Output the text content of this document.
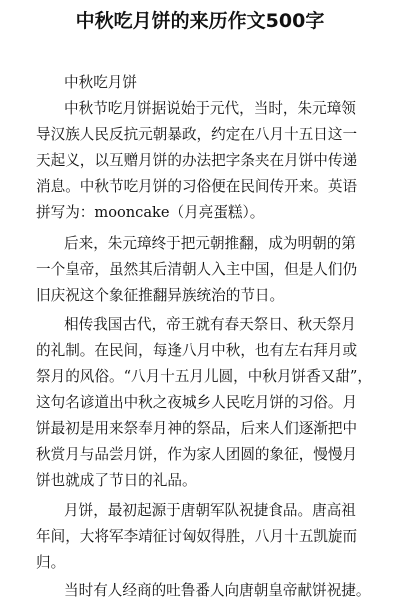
中秋吃月饼的来历作文500字
中秋吃月饼
中秋节吃月饼据说始于元代，当时，朱元璋领
导汉族人民反抗元朝暴政，约定在八月十五日这一
天起义，以互赠月饼的办法把字条夹在月饼中传递
消息。中秋节吃月饼的习俗便在民间传开来。英语
拼写为：mooncake（月亮蛋糕）。
后来，朱元璋终于把元朝推翻，成为明朝的第
一个皇帝，虽然其后清朝人入主中国，但是人们仍
旧庆祝这个象征推翻异族统治的节日。
相传我国古代，帝王就有春天祭日、秋天祭月
的礼制。在民间，每逢八月中秋，也有左右拜月或
祭月的风俗。“八月十五月儿圆，中秋月饼香又甜”，
这句名谚道出中秋之夜城乡人民吃月饼的习俗。月
饼最初是用来祭奉月神的祭品，后来人们逐渐把中
秋赏月与品尝月饼，作为家人团圆的象征，慢慢月
饼也就成了节日的礼品。
月饼，最初起源于唐朝军队祝捷食品。唐高祖
年间，大将军李靖征讨匈奴得胜，八月十五凯旋而
归。
当时有人经商的吐鲁番人向唐朝皇帝献饼祝捷。
